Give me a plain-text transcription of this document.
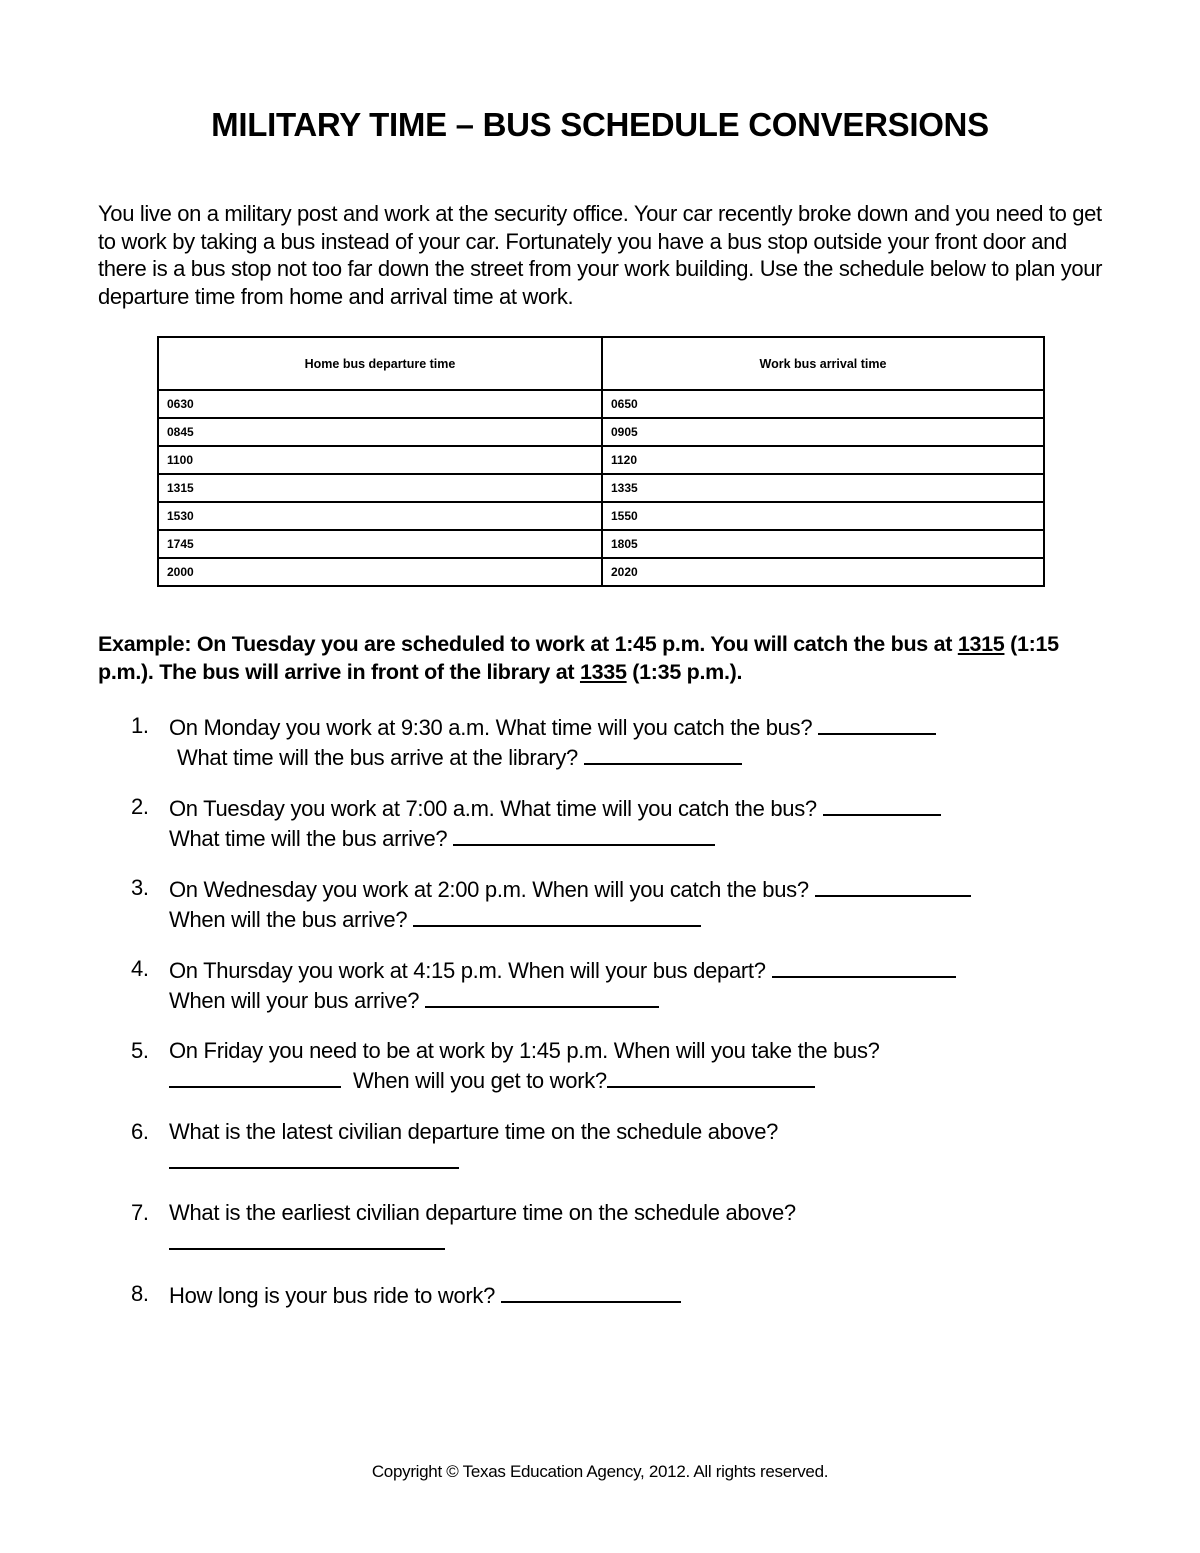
MILITARY TIME – BUS SCHEDULE CONVERSIONS

You live on a military post and work at the security office. Your car recently broke down and you need to get to work by taking a bus instead of your car. Fortunately you have a bus stop outside your front door and there is a bus stop not too far down the street from your work building. Use the schedule below to plan your departure time from home and arrival time at work.

Home bus departure time	Work bus arrival time
0630	0650
0845	0905
1100	1120
1315	1335
1530	1550
1745	1805
2000	2020

Example: On Tuesday you are scheduled to work at 1:45 p.m. You will catch the bus at 1315 (1:15 p.m.). The bus will arrive in front of the library at 1335 (1:35 p.m.).

1. On Monday you work at 9:30 a.m. What time will you catch the bus?
What time will the bus arrive at the library?
2. On Tuesday you work at 7:00 a.m. What time will you catch the bus?
What time will the bus arrive?
3. On Wednesday you work at 2:00 p.m. When will you catch the bus?
When will the bus arrive?
4. On Thursday you work at 4:15 p.m. When will your bus depart?
When will your bus arrive?
5. On Friday you need to be at work by 1:45 p.m. When will you take the bus?
When will you get to work?
6. What is the latest civilian departure time on the schedule above?
7. What is the earliest civilian departure time on the schedule above?
8. How long is your bus ride to work?
Copyright © Texas Education Agency, 2012. All rights reserved.
